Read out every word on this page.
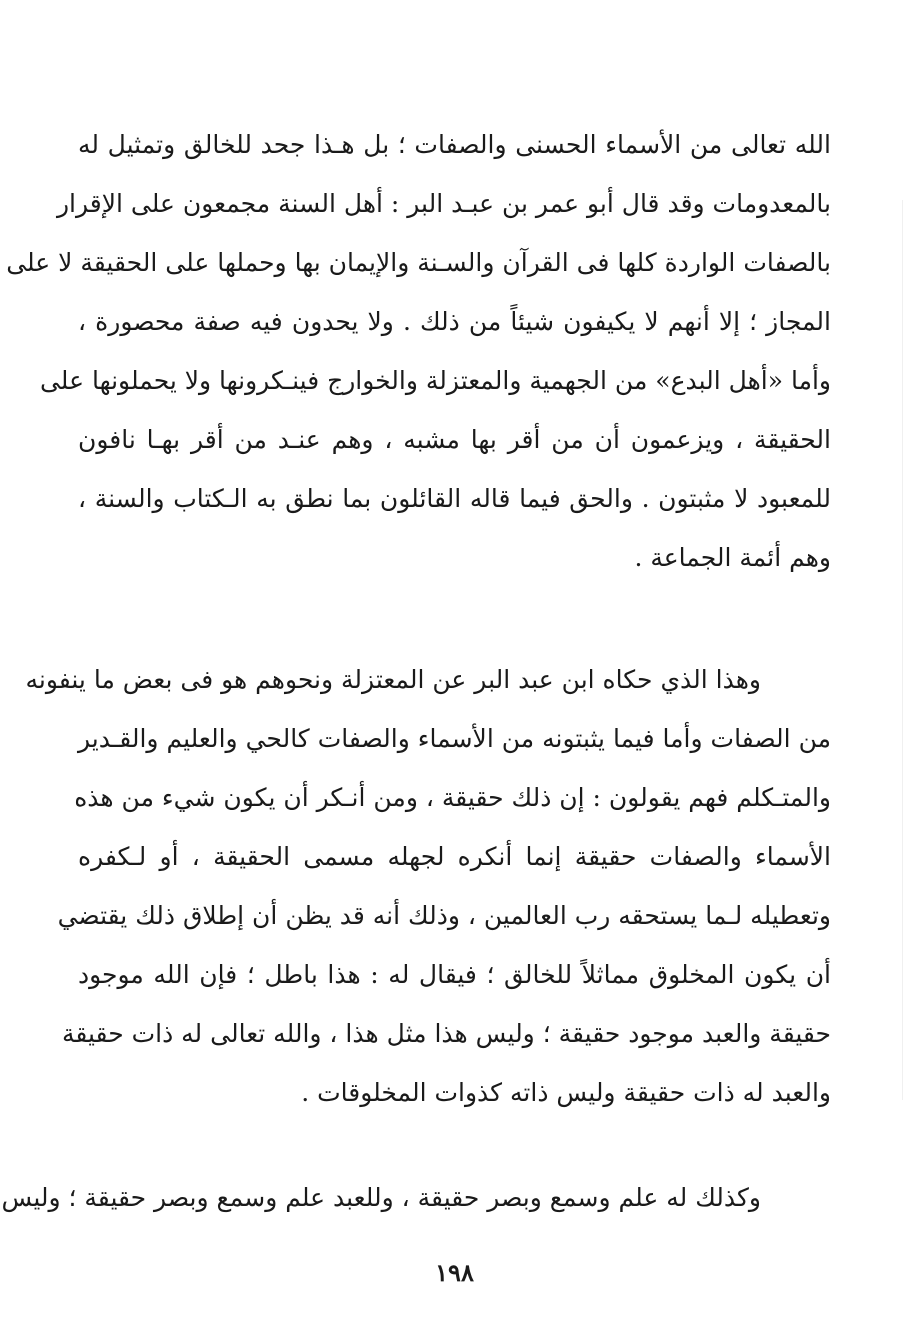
الله تعالى من الأسماء الحسنى والصفات ؛ بل هـذا جحد للخالق وتمثيل له
بالمعدومات وقد قال أبو عمر بن عبـد البر : أهل السنة مجمعون على الإقرار
بالصفات الواردة كلها فى القرآن والسـنة والإيمان بها وحملها على الحقيقة لا على
المجاز ؛ إلا أنهم لا يكيفون شيئاً من ذلك . ولا يحدون فيه صفة محصورة ،
وأما «أهل البدع» من الجهمية والمعتزلة والخوارج فينـكرونها ولا يحملونها على
الحقيقة ، ويزعمون أن من أقر بها مشبه ، وهم عنـد من أقر بهـا نافون
للمعبود لا مثبتون . والحق فيما قاله القائلون بما نطق به الـكتاب والسنة ،
وهم أئمة الجماعة .
وهذا الذي حكاه ابن عبد البر عن المعتزلة ونحوهم هو فى بعض ما ينفونه
من الصفات وأما فيما يثبتونه من الأسماء والصفات كالحي والعليم والقـدير
والمتـكلم فهم يقولون : إن ذلك حقيقة ، ومن أنـكر أن يكون شيء من هذه
الأسماء والصفات حقيقة إنما أنكره لجهله مسمى الحقيقة ، أو لـكفره
وتعطيله لـما يستحقه رب العالمين ، وذلك أنه قد يظن أن إطلاق ذلك يقتضي
أن يكون المخلوق مماثلاً للخالق ؛ فيقال له : هذا باطل ؛ فإن الله موجود
حقيقة والعبد موجود حقيقة ؛ وليس هذا مثل هذا ، والله تعالى له ذات حقيقة
والعبد له ذات حقيقة وليس ذاته كذوات المخلوقات .
وكذلك له علم وسمع وبصر حقيقة ، وللعبد علم وسمع وبصر حقيقة ؛ وليس
١٩٨
